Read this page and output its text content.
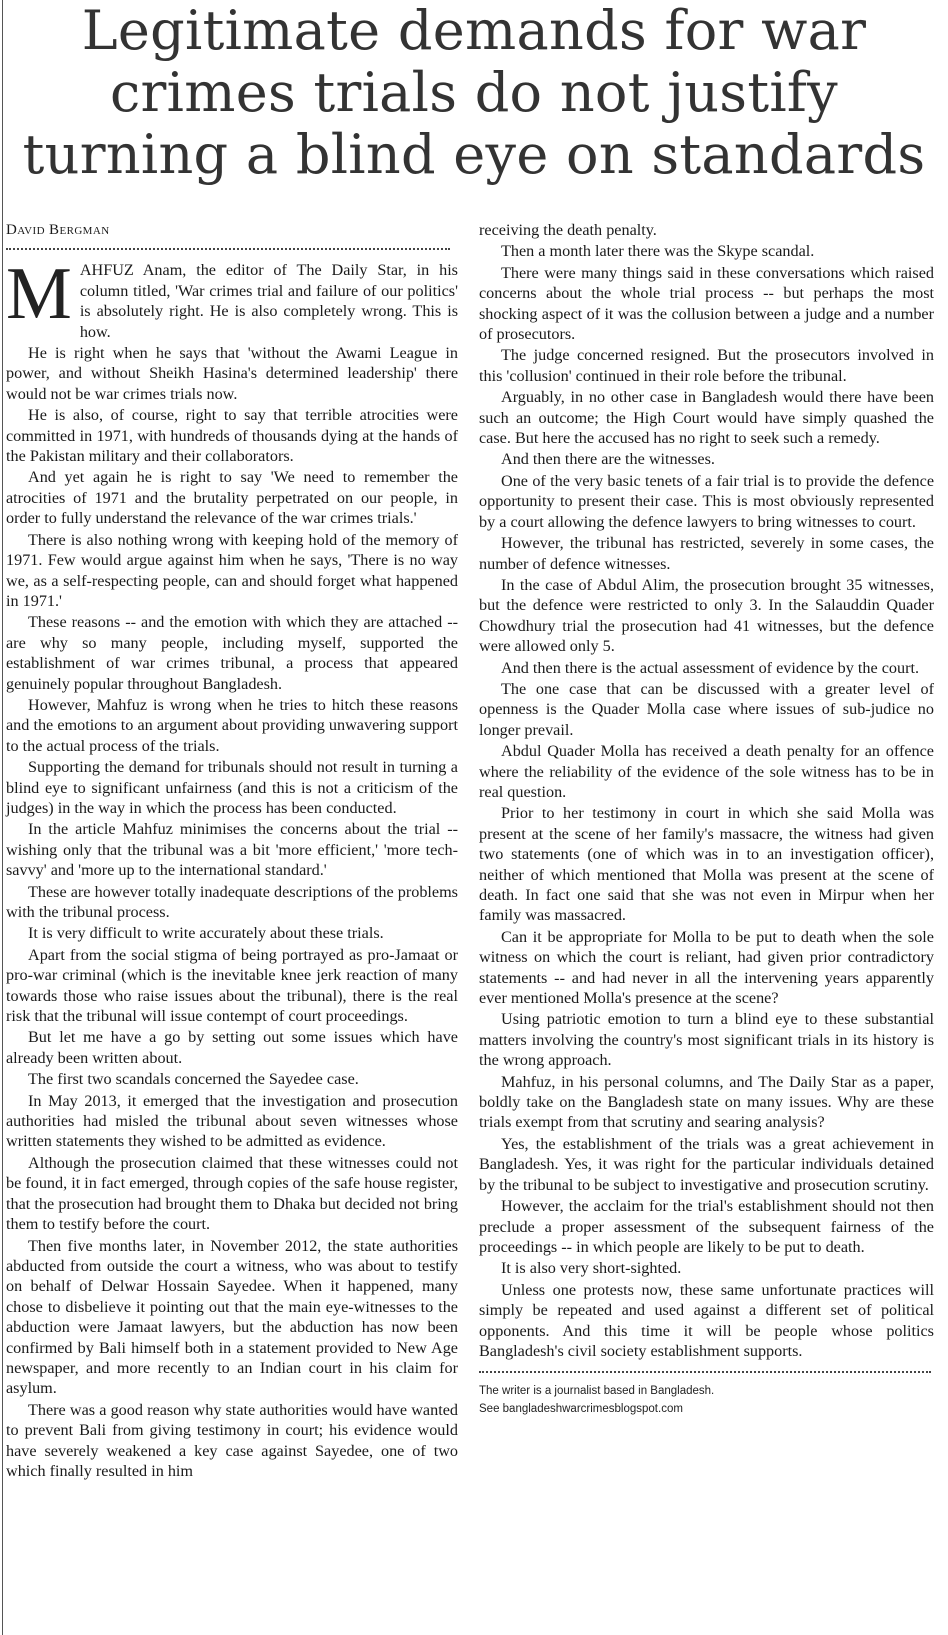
Legitimate demands for war crimes trials do not justify turning a blind eye on standards

David Bergman

MAHFUZ Anam, the editor of The Daily Star, in his column titled, 'War crimes trial and failure of our politics' is absolutely right. He is also completely wrong. This is how.

He is right when he says that 'without the Awami League in power, and without Sheikh Hasina's determined leadership' there would not be war crimes trials now.

He is also, of course, right to say that terrible atrocities were committed in 1971, with hundreds of thousands dying at the hands of the Pakistan military and their collaborators.

And yet again he is right to say 'We need to remember the atrocities of 1971 and the brutality perpetrated on our people, in order to fully understand the relevance of the war crimes trials.'

There is also nothing wrong with keeping hold of the memory of 1971. Few would argue against him when he says, 'There is no way we, as a self-respecting people, can and should forget what happened in 1971.'

These reasons -- and the emotion with which they are attached -- are why so many people, including myself, supported the establishment of war crimes tribunal, a process that appeared genuinely popular throughout Bangladesh.

However, Mahfuz is wrong when he tries to hitch these reasons and the emotions to an argument about providing unwavering support to the actual process of the trials.

Supporting the demand for tribunals should not result in turning a blind eye to significant unfairness (and this is not a criticism of the judges) in the way in which the process has been conducted.

In the article Mahfuz minimises the concerns about the trial -- wishing only that the tribunal was a bit 'more efficient,' 'more tech-savvy' and 'more up to the international standard.'

These are however totally inadequate descriptions of the problems with the tribunal process.

It is very difficult to write accurately about these trials.

Apart from the social stigma of being portrayed as pro-Jamaat or pro-war criminal (which is the inevitable knee jerk reaction of many towards those who raise issues about the tribunal), there is the real risk that the tribunal will issue contempt of court proceedings.

But let me have a go by setting out some issues which have already been written about.

The first two scandals concerned the Sayedee case.

In May 2013, it emerged that the investigation and prosecution authorities had misled the tribunal about seven witnesses whose written statements they wished to be admitted as evidence.

Although the prosecution claimed that these witnesses could not be found, it in fact emerged, through copies of the safe house register, that the prosecution had brought them to Dhaka but decided not bring them to testify before the court.

Then five months later, in November 2012, the state authorities abducted from outside the court a witness, who was about to testify on behalf of Delwar Hossain Sayedee. When it happened, many chose to disbelieve it pointing out that the main eye-witnesses to the abduction were Jamaat lawyers, but the abduction has now been confirmed by Bali himself both in a statement provided to New Age newspaper, and more recently to an Indian court in his claim for asylum.

There was a good reason why state authorities would have wanted to prevent Bali from giving testimony in court; his evidence would have severely weakened a key case against Sayedee, one of two which finally resulted in him

receiving the death penalty.

Then a month later there was the Skype scandal.

There were many things said in these conversations which raised concerns about the whole trial process -- but perhaps the most shocking aspect of it was the collusion between a judge and a number of prosecutors.

The judge concerned resigned. But the prosecutors involved in this 'collusion' continued in their role before the tribunal.

Arguably, in no other case in Bangladesh would there have been such an outcome; the High Court would have simply quashed the case. But here the accused has no right to seek such a remedy.

And then there are the witnesses.

One of the very basic tenets of a fair trial is to provide the defence opportunity to present their case. This is most obviously represented by a court allowing the defence lawyers to bring witnesses to court.

However, the tribunal has restricted, severely in some cases, the number of defence witnesses.

In the case of Abdul Alim, the prosecution brought 35 witnesses, but the defence were restricted to only 3. In the Salauddin Quader Chowdhury trial the prosecution had 41 witnesses, but the defence were allowed only 5.

And then there is the actual assessment of evidence by the court.

The one case that can be discussed with a greater level of openness is the Quader Molla case where issues of sub-judice no longer prevail.

Abdul Quader Molla has received a death penalty for an offence where the reliability of the evidence of the sole witness has to be in real question.

Prior to her testimony in court in which she said Molla was present at the scene of her family's massacre, the witness had given two statements (one of which was in to an investigation officer), neither of which mentioned that Molla was present at the scene of death. In fact one said that she was not even in Mirpur when her family was massacred.

Can it be appropriate for Molla to be put to death when the sole witness on which the court is reliant, had given prior contradictory statements -- and had never in all the intervening years apparently ever mentioned Molla's presence at the scene?

Using patriotic emotion to turn a blind eye to these substantial matters involving the country's most significant trials in its history is the wrong approach.

Mahfuz, in his personal columns, and The Daily Star as a paper, boldly take on the Bangladesh state on many issues. Why are these trials exempt from that scrutiny and searing analysis?

Yes, the establishment of the trials was a great achievement in Bangladesh. Yes, it was right for the particular individuals detained by the tribunal to be subject to investigative and prosecution scrutiny.

However, the acclaim for the trial's establishment should not then preclude a proper assessment of the subsequent fairness of the proceedings -- in which people are likely to be put to death.

It is also very short-sighted.

Unless one protests now, these same unfortunate practices will simply be repeated and used against a different set of political opponents. And this time it will be people whose politics Bangladesh's civil society establishment supports.

The writer is a journalist based in Bangladesh.

See bangladeshwarcrimesblogspot.com
